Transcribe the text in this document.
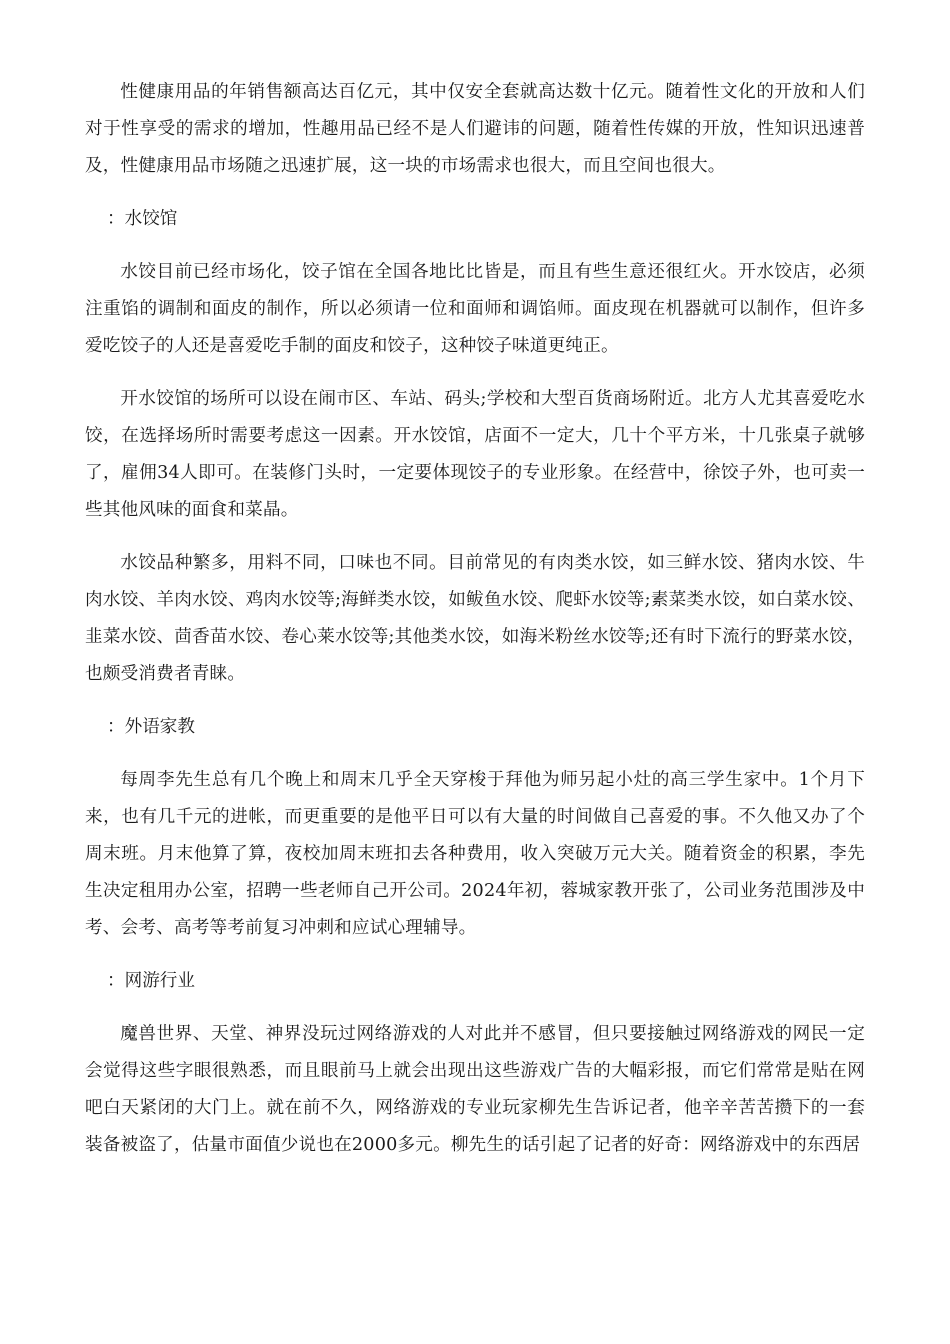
性健康用品的年销售额高达百亿元，其中仅安全套就高达数十亿元。随着性文化的开放和人们对于性享受的需求的增加，性趣用品已经不是人们避讳的问题，随着性传媒的开放，性知识迅速普及，性健康用品市场随之迅速扩展，这一块的市场需求也很大，而且空间也很大。

：水饺馆

水饺目前已经市场化，饺子馆在全国各地比比皆是，而且有些生意还很红火。开水饺店，必须注重馅的调制和面皮的制作，所以必须请一位和面师和调馅师。面皮现在机器就可以制作，但许多爱吃饺子的人还是喜爱吃手制的面皮和饺子，这种饺子味道更纯正。

开水饺馆的场所可以设在闹市区、车站、码头;学校和大型百货商场附近。北方人尤其喜爱吃水饺，在选择场所时需要考虑这一因素。开水饺馆，店面不一定大，几十个平方米，十几张桌子就够了，雇佣34人即可。在装修门头时，一定要体现饺子的专业形象。在经营中，徐饺子外，也可卖一些其他风味的面食和菜晶。

水饺品种繁多，用料不同，口味也不同。目前常见的有肉类水饺，如三鲜水饺、猪肉水饺、牛肉水饺、羊肉水饺、鸡肉水饺等;海鲜类水饺，如鲅鱼水饺、爬虾水饺等;素菜类水饺，如白菜水饺、韭菜水饺、茴香苗水饺、卷心莱水饺等;其他类水饺，如海米粉丝水饺等;还有时下流行的野菜水饺，也颇受消费者青睐。

：外语家教

每周李先生总有几个晚上和周末几乎全天穿梭于拜他为师另起小灶的高三学生家中。1个月下来，也有几千元的进帐，而更重要的是他平日可以有大量的时间做自己喜爱的事。不久他又办了个周末班。月末他算了算，夜校加周末班扣去各种费用，收入突破万元大关。随着资金的积累，李先生决定租用办公室，招聘一些老师自己开公司。2024年初，蓉城家教开张了，公司业务范围涉及中考、会考、高考等考前复习冲刺和应试心理辅导。

：网游行业

魔兽世界、天堂、神界没玩过网络游戏的人对此并不感冒，但只要接触过网络游戏的网民一定会觉得这些字眼很熟悉，而且眼前马上就会出现出这些游戏广告的大幅彩报，而它们常常是贴在网吧白天紧闭的大门上。就在前不久，网络游戏的专业玩家柳先生告诉记者，他辛辛苦苦攒下的一套装备被盗了，估量市面值少说也在2000多元。柳先生的话引起了记者的好奇：网络游戏中的东西居
